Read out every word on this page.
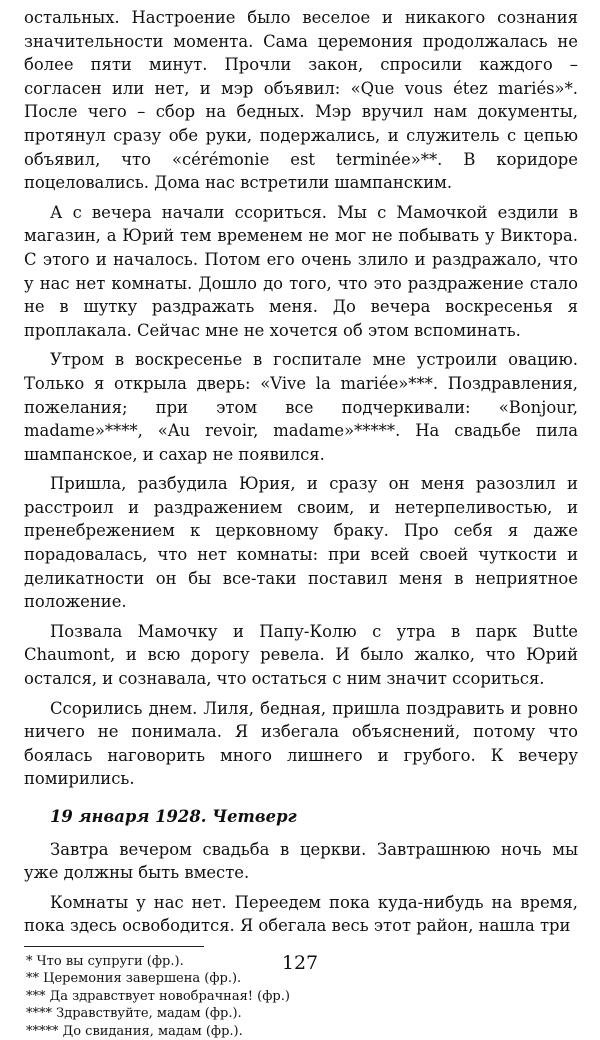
остальных. Настроение было веселое и никакого сознания значительности момента. Сама церемония продолжалась не более пяти минут. Прочли закон, спросили каждого – согласен или нет, и мэр объявил: «Que vous étez mariés»*. После чего – сбор на бедных. Мэр вручил нам документы, протянул сразу обе руки, подержались, и служитель с цепью объявил, что «cérémonie est terminée»**. В коридоре поцеловались. Дома нас встретили шампанским.

А с вечера начали ссориться. Мы с Мамочкой ездили в магазин, а Юрий тем временем не мог не побывать у Виктора. С этого и началось. Потом его очень злило и раздражало, что у нас нет комнаты. Дошло до того, что это раздражение стало не в шутку раздражать меня. До вечера воскресенья я проплакала. Сейчас мне не хочется об этом вспоминать.

Утром в воскресенье в госпитале мне устроили овацию. Только я открыла дверь: «Vive la mariée»***. Поздравления, пожелания; при этом все подчеркивали: «Bonjour, madame»****, «Au revoir, madame»*****. На свадьбе пила шампанское, и сахар не появился.

Пришла, разбудила Юрия, и сразу он меня разозлил и расстроил и раздражением своим, и нетерпеливостью, и пренебрежением к церковному браку. Про себя я даже порадовалась, что нет комнаты: при всей своей чуткости и деликатности он бы все-таки поставил меня в неприятное положение.

Позвала Мамочку и Папу-Колю с утра в парк Butte Chaumont, и всю дорогу ревела. И было жалко, что Юрий остался, и сознавала, что остаться с ним значит ссориться.

Ссорились днем. Лиля, бедная, пришла поздравить и ровно ничего не понимала. Я избегала объяснений, потому что боялась наговорить много лишнего и грубого. К вечеру помирились.

19 января 1928. Четверг

Завтра вечером свадьба в церкви. Завтрашнюю ночь мы уже должны быть вместе.

Комнаты у нас нет. Переедем пока куда-нибудь на время, пока здесь освободится. Я обегала весь этот район, нашла три

* Что вы супруги (фр.).
** Церемония завершена (фр.).
*** Да здравствует новобрачная! (фр.)
**** Здравствуйте, мадам (фр.).
***** До свидания, мадам (фр.).
127
